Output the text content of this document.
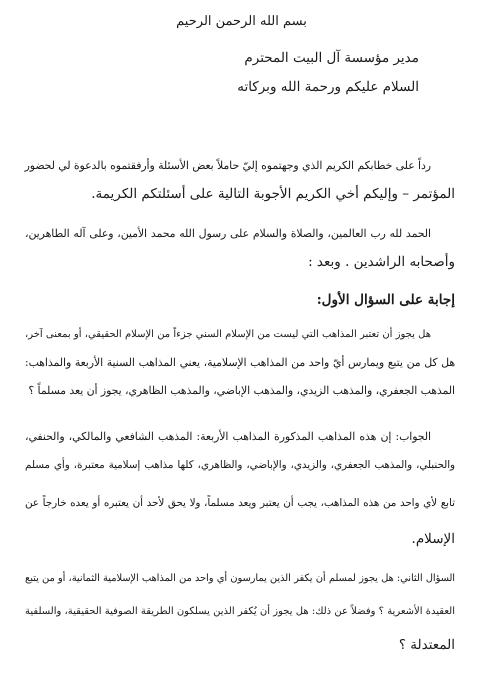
بسم الله الرحمن الرحيم
مدير مؤسسة آل البيت المحترم
السلام عليكم ورحمة الله وبركاته
رداً على خطابكم الكريم الذي وجهتموه إليّ حاملاً بعض الأسئلة وأرفقتموه بالدعوة لي لحضور
المؤتمر – وإليكم أخي الكريم الأجوبة التالية على أسئلتكم الكريمة.
الحمد لله رب العالمين، والصلاة والسلام على رسول الله محمد الأمين، وعلى آله الطاهرين،
وأصحابه الراشدين . وبعد :
إجابة على السؤال الأول:
هل يجوز أن تعتبر المذاهب التي ليست من الإسلام السني جزءاً من الإسلام الحقيقي، أو بمعنى آخر،
هل كل من يتبع ويمارس أيّ واحد من المذاهب الإسلامية، يعني المذاهب السنية الأربعة والمذاهب:
المذهب الجعفري، والمذهب الزيدي، والمذهب الإباضي، والمذهب الظاهري، يجوز أن يعد مسلماً ؟
الجواب: إن هذه المذاهب المذكورة المذاهب الأربعة: المذهب الشافعي والمالكي، والحنفي،
والحنبلي، والمذهب الجعفري، والزيدي، والإباضي، والظاهري، كلها مذاهب إسلامية معتبرة، وأي مسلم
تابع لأي واحد من هذه المذاهب، يجب أن يعتبر ويعد مسلماً، ولا يحق لأحد أن يعتبره أو يعده خارجاً عن
الإسلام.
السؤال الثاني: هل يجوز لمسلم أن يكفر الذين يمارسون أي واحد من المذاهب الإسلامية الثمانية، أو من يتبع
العقيدة الأشعرية ؟ وفضلاً عن ذلك: هل يجوز أن يُكفر الذين يسلكون الطريقة الصوفية الحقيقية، والسلفية
المعتدلة ؟
